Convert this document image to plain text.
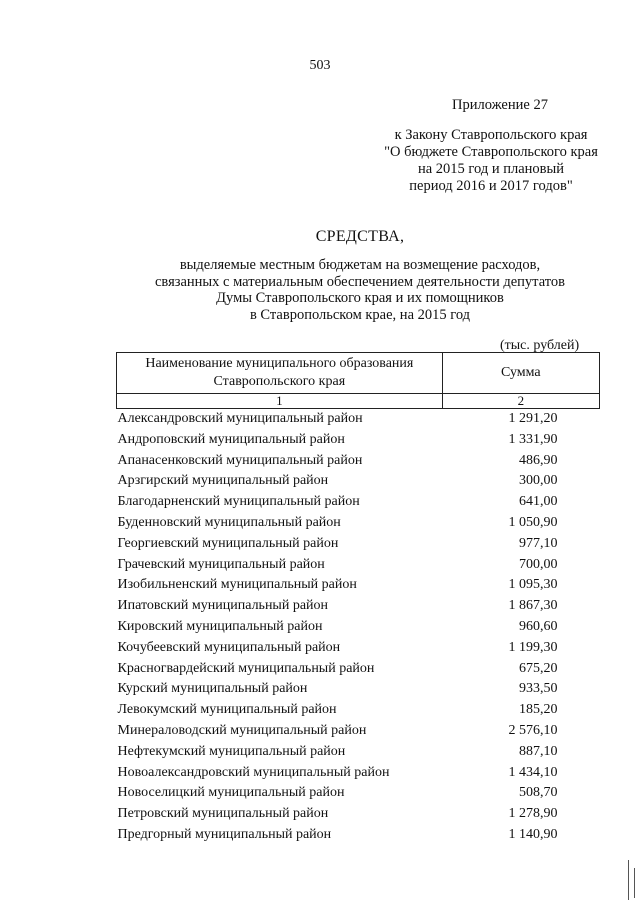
503
Приложение 27
к Закону Ставропольского края
"О бюджете Ставропольского края
на 2015 год и плановый
период 2016 и 2017 годов"
СРЕДСТВА,
выделяемые местным бюджетам на возмещение расходов,
связанных с материальным обеспечением деятельности депутатов
Думы Ставропольского края и их помощников
в Ставропольском крае, на 2015 год
(тыс. рублей)
Наименование муниципального образования Ставропольского края	Сумма
1	2
Александровский муниципальный район	1 291,20
Андроповский муниципальный район	1 331,90
Апанасенковский муниципальный район	486,90
Арзгирский муниципальный район	300,00
Благодарненский муниципальный район	641,00
Буденновский муниципальный район	1 050,90
Георгиевский муниципальный район	977,10
Грачевский муниципальный район	700,00
Изобильненский муниципальный район	1 095,30
Ипатовский муниципальный район	1 867,30
Кировский муниципальный район	960,60
Кочубеевский муниципальный район	1 199,30
Красногвардейский муниципальный район	675,20
Курский муниципальный район	933,50
Левокумский муниципальный район	185,20
Минераловодский муниципальный район	2 576,10
Нефтекумский муниципальный район	887,10
Новоалександровский муниципальный район	1 434,10
Новоселицкий муниципальный район	508,70
Петровский муниципальный район	1 278,90
Предгорный муниципальный район	1 140,90
